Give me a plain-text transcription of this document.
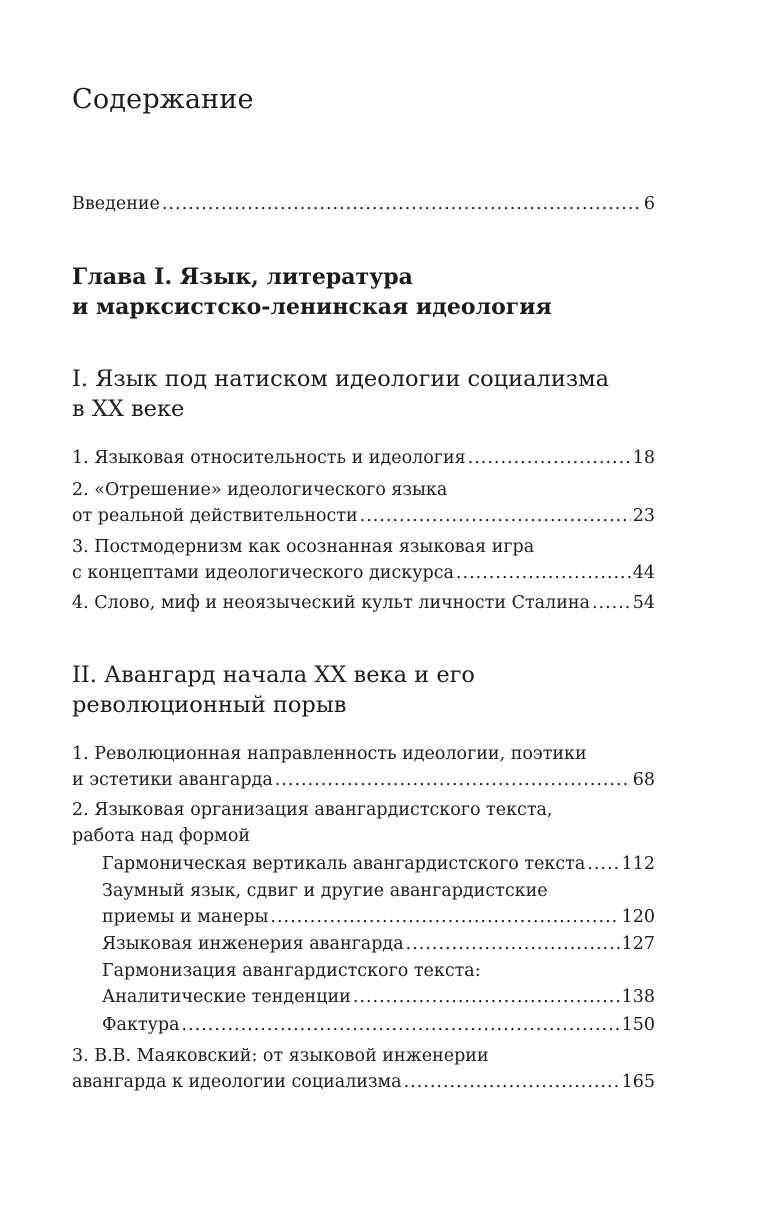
Содержание
Введение .....	6
Глава I. Язык, литература
и марксистско-ленинская идеология
I. Язык под натиском идеологии социализма
в XX веке
1. Языковая относительность и идеология .....	18
2. «Отрешение» идеологического языка
от реальной действительности .....	23
3. Постмодернизм как осознанная языковая игра
с концептами идеологического дискурса .....	44
4. Слово, миф и неоязыческий культ личности Сталина ..... 54
II. Авангард начала XX века и его
революционный порыв
1. Революционная направленность идеологии, поэтики
и эстетики авангарда .....	68
2. Языковая организация авангардистского текста,
работа над формой
Гармоническая вертикаль авангардистского текста ..... 112
Заумный язык, сдвиг и другие авангардистские
приемы и манеры .....	120
Языковая инженерия авангарда .....	127
Гармонизация авангардистского текста:
Аналитические тенденции .....	138
Фактура .....	150
3. В.В. Маяковский: от языковой инженерии
авангарда к идеологии социализма .....	165
